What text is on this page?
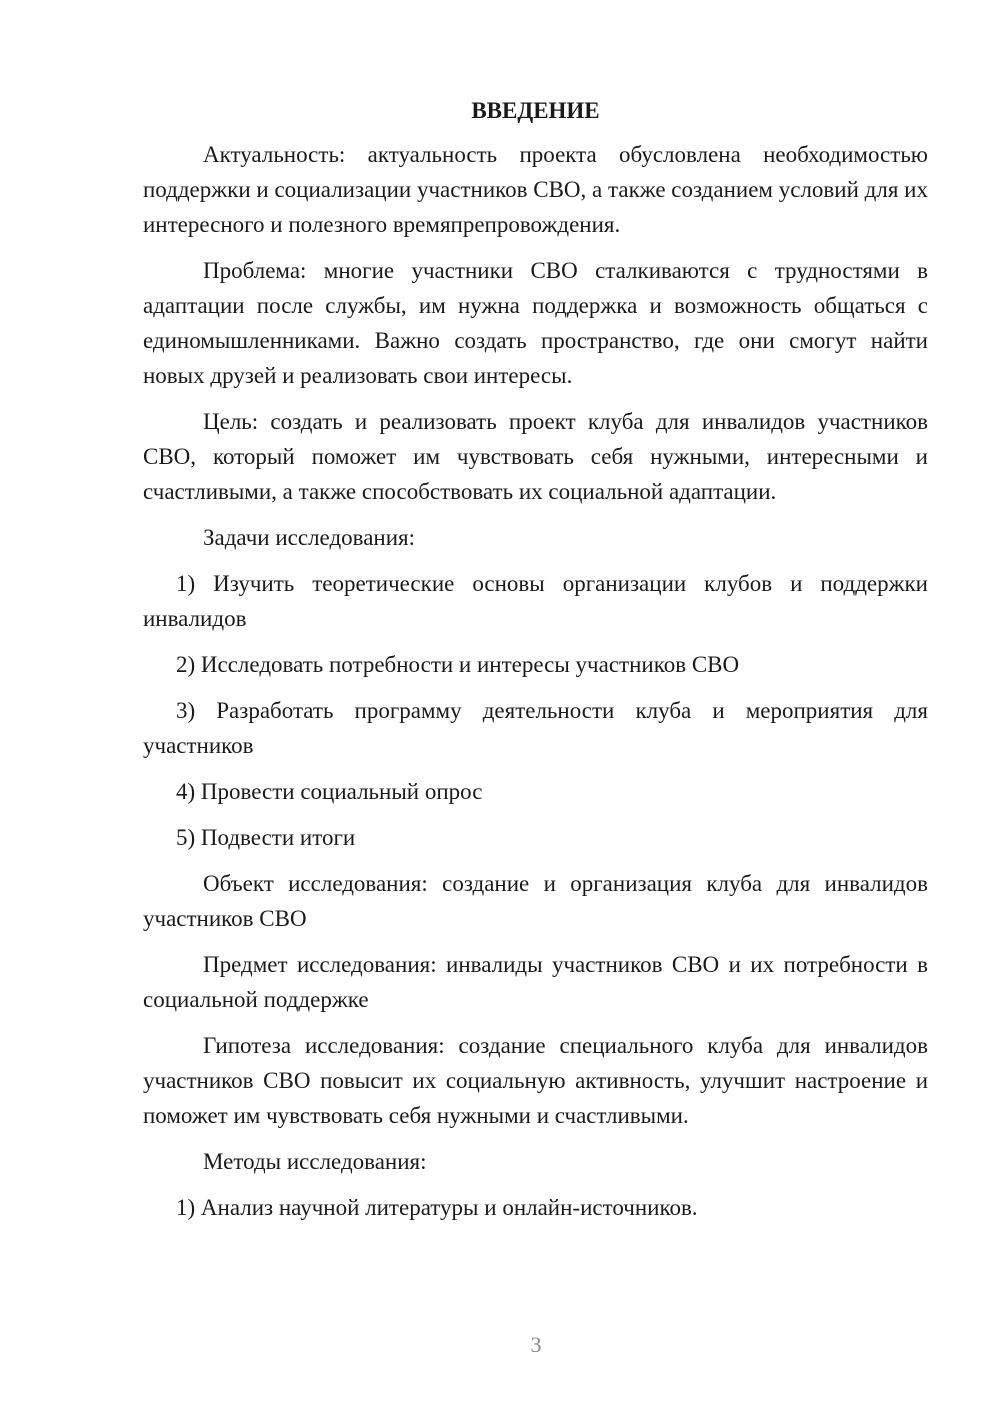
ВВЕДЕНИЕ

Актуальность: актуальность проекта обусловлена необходимостью поддержки и социализации участников СВО, а также созданием условий для их интересного и полезного времяпрепровождения.

Проблема: многие участники СВО сталкиваются с трудностями в адаптации после службы, им нужна поддержка и возможность общаться с единомышленниками. Важно создать пространство, где они смогут найти новых друзей и реализовать свои интересы.

Цель: создать и реализовать проект клуба для инвалидов участников СВО, который поможет им чувствовать себя нужными, интересными и счастливыми, а также способствовать их социальной адаптации.

Задачи исследования:

1) Изучить теоретические основы организации клубов и поддержки инвалидов

2) Исследовать потребности и интересы участников СВО

3) Разработать программу деятельности клуба и мероприятия для участников

4) Провести социальный опрос

5) Подвести итоги

Объект исследования: создание и организация клуба для инвалидов участников СВО

Предмет исследования: инвалиды участников СВО и их потребности в социальной поддержке

Гипотеза исследования: создание специального клуба для инвалидов участников СВО повысит их социальную активность, улучшит настроение и поможет им чувствовать себя нужными и счастливыми.

Методы исследования:

1) Анализ научной литературы и онлайн-источников.

3
